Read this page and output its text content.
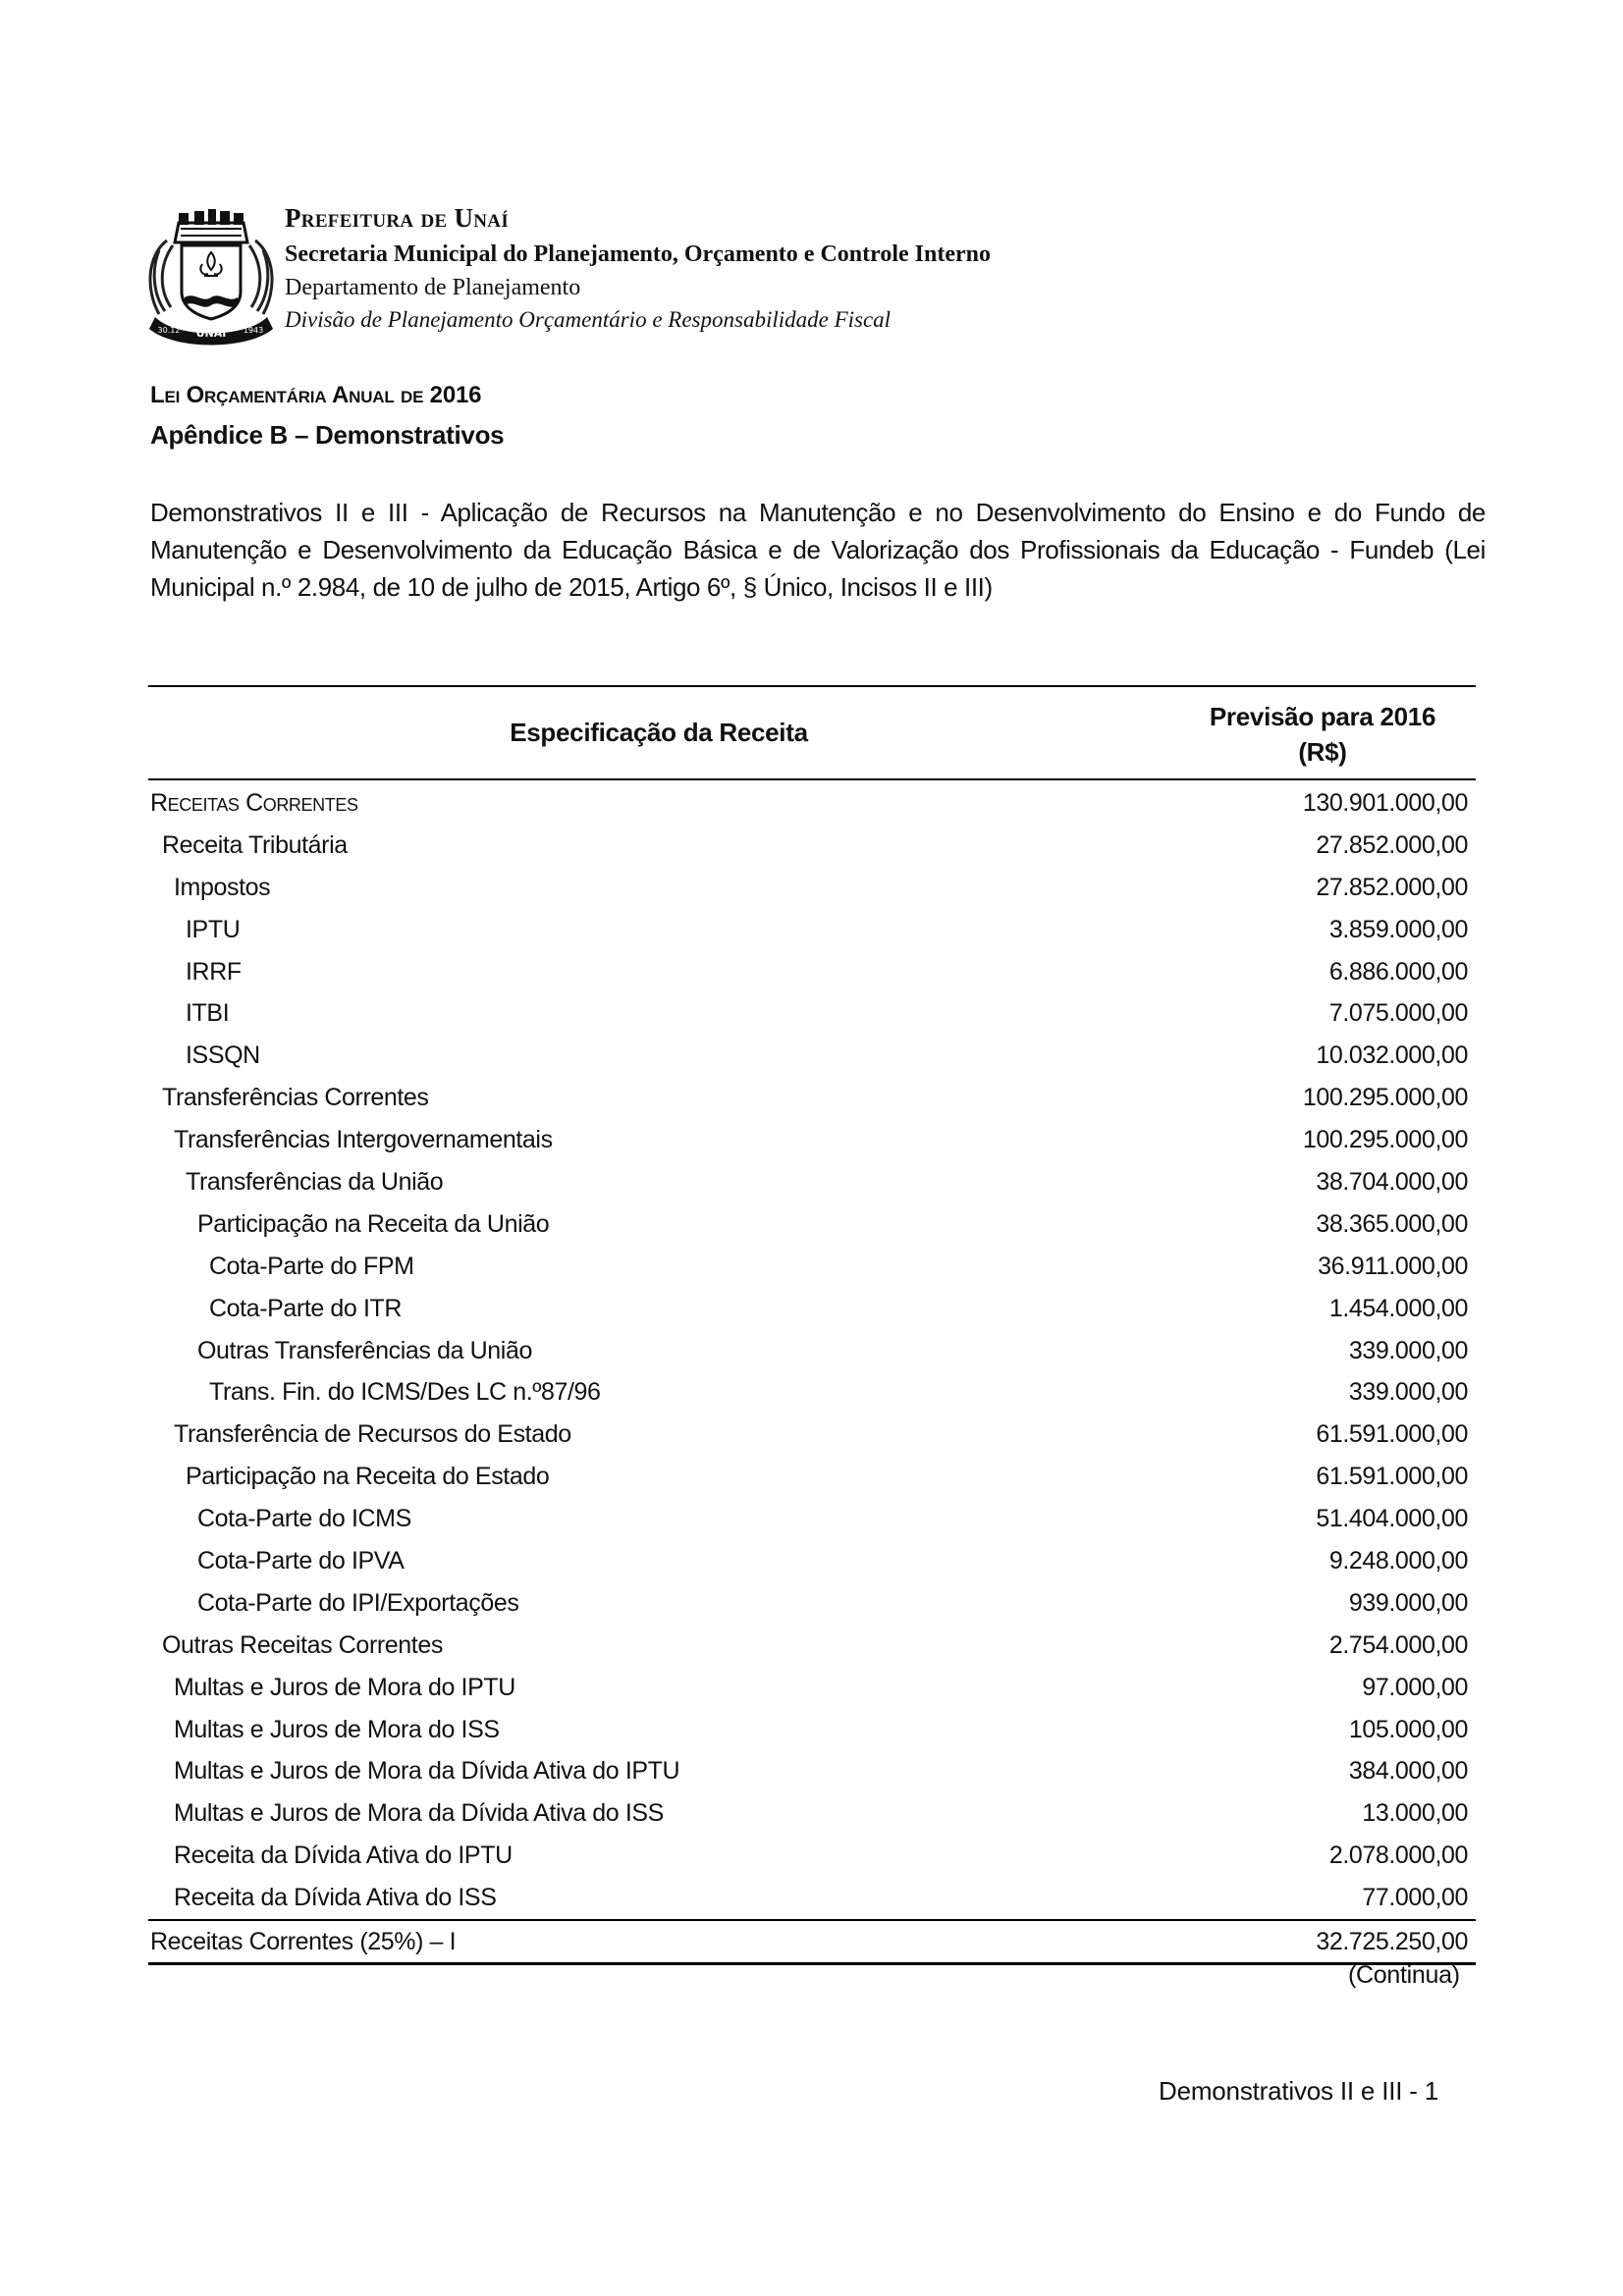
UNAÍ
30.12	1943
Prefeitura de Unaí
Secretaria Municipal do Planejamento, Orçamento e Controle Interno
Departamento de Planejamento
Divisão de Planejamento Orçamentário e Responsabilidade Fiscal
Lei Orçamentária Anual de 2016
Apêndice B – Demonstrativos
Demonstrativos II e III - Aplicação de Recursos na Manutenção e no Desenvolvimento do Ensino e do Fundo de Manutenção e Desenvolvimento da Educação Básica e de Valorização dos Profissionais da Educação - Fundeb (Lei Municipal n.º 2.984, de 10 de julho de 2015, Artigo 6º, § Único, Incisos II e III)
Especificação da Receita
Previsão para 2016
(R$)
Receitas Correntes	130.901.000,00
Receita Tributária	27.852.000,00
Impostos	27.852.000,00
IPTU	3.859.000,00
IRRF	6.886.000,00
ITBI	7.075.000,00
ISSQN	10.032.000,00
Transferências Correntes	100.295.000,00
Transferências Intergovernamentais	100.295.000,00
Transferências da União	38.704.000,00
Participação na Receita da União	38.365.000,00
Cota-Parte do FPM	36.911.000,00
Cota-Parte do ITR	1.454.000,00
Outras Transferências da União	339.000,00
Trans. Fin. do ICMS/Des LC n.º87/96	339.000,00
Transferência de Recursos do Estado	61.591.000,00
Participação na Receita do Estado	61.591.000,00
Cota-Parte do ICMS	51.404.000,00
Cota-Parte do IPVA	9.248.000,00
Cota-Parte do IPI/Exportações	939.000,00
Outras Receitas Correntes	2.754.000,00
Multas e Juros de Mora do IPTU	97.000,00
Multas e Juros de Mora do ISS	105.000,00
Multas e Juros de Mora da Dívida Ativa do IPTU	384.000,00
Multas e Juros de Mora da Dívida Ativa do ISS	13.000,00
Receita da Dívida Ativa do IPTU	2.078.000,00
Receita da Dívida Ativa do ISS	77.000,00
Receitas Correntes (25%) – I	32.725.250,00
(Continua)
Demonstrativos II e III - 1
